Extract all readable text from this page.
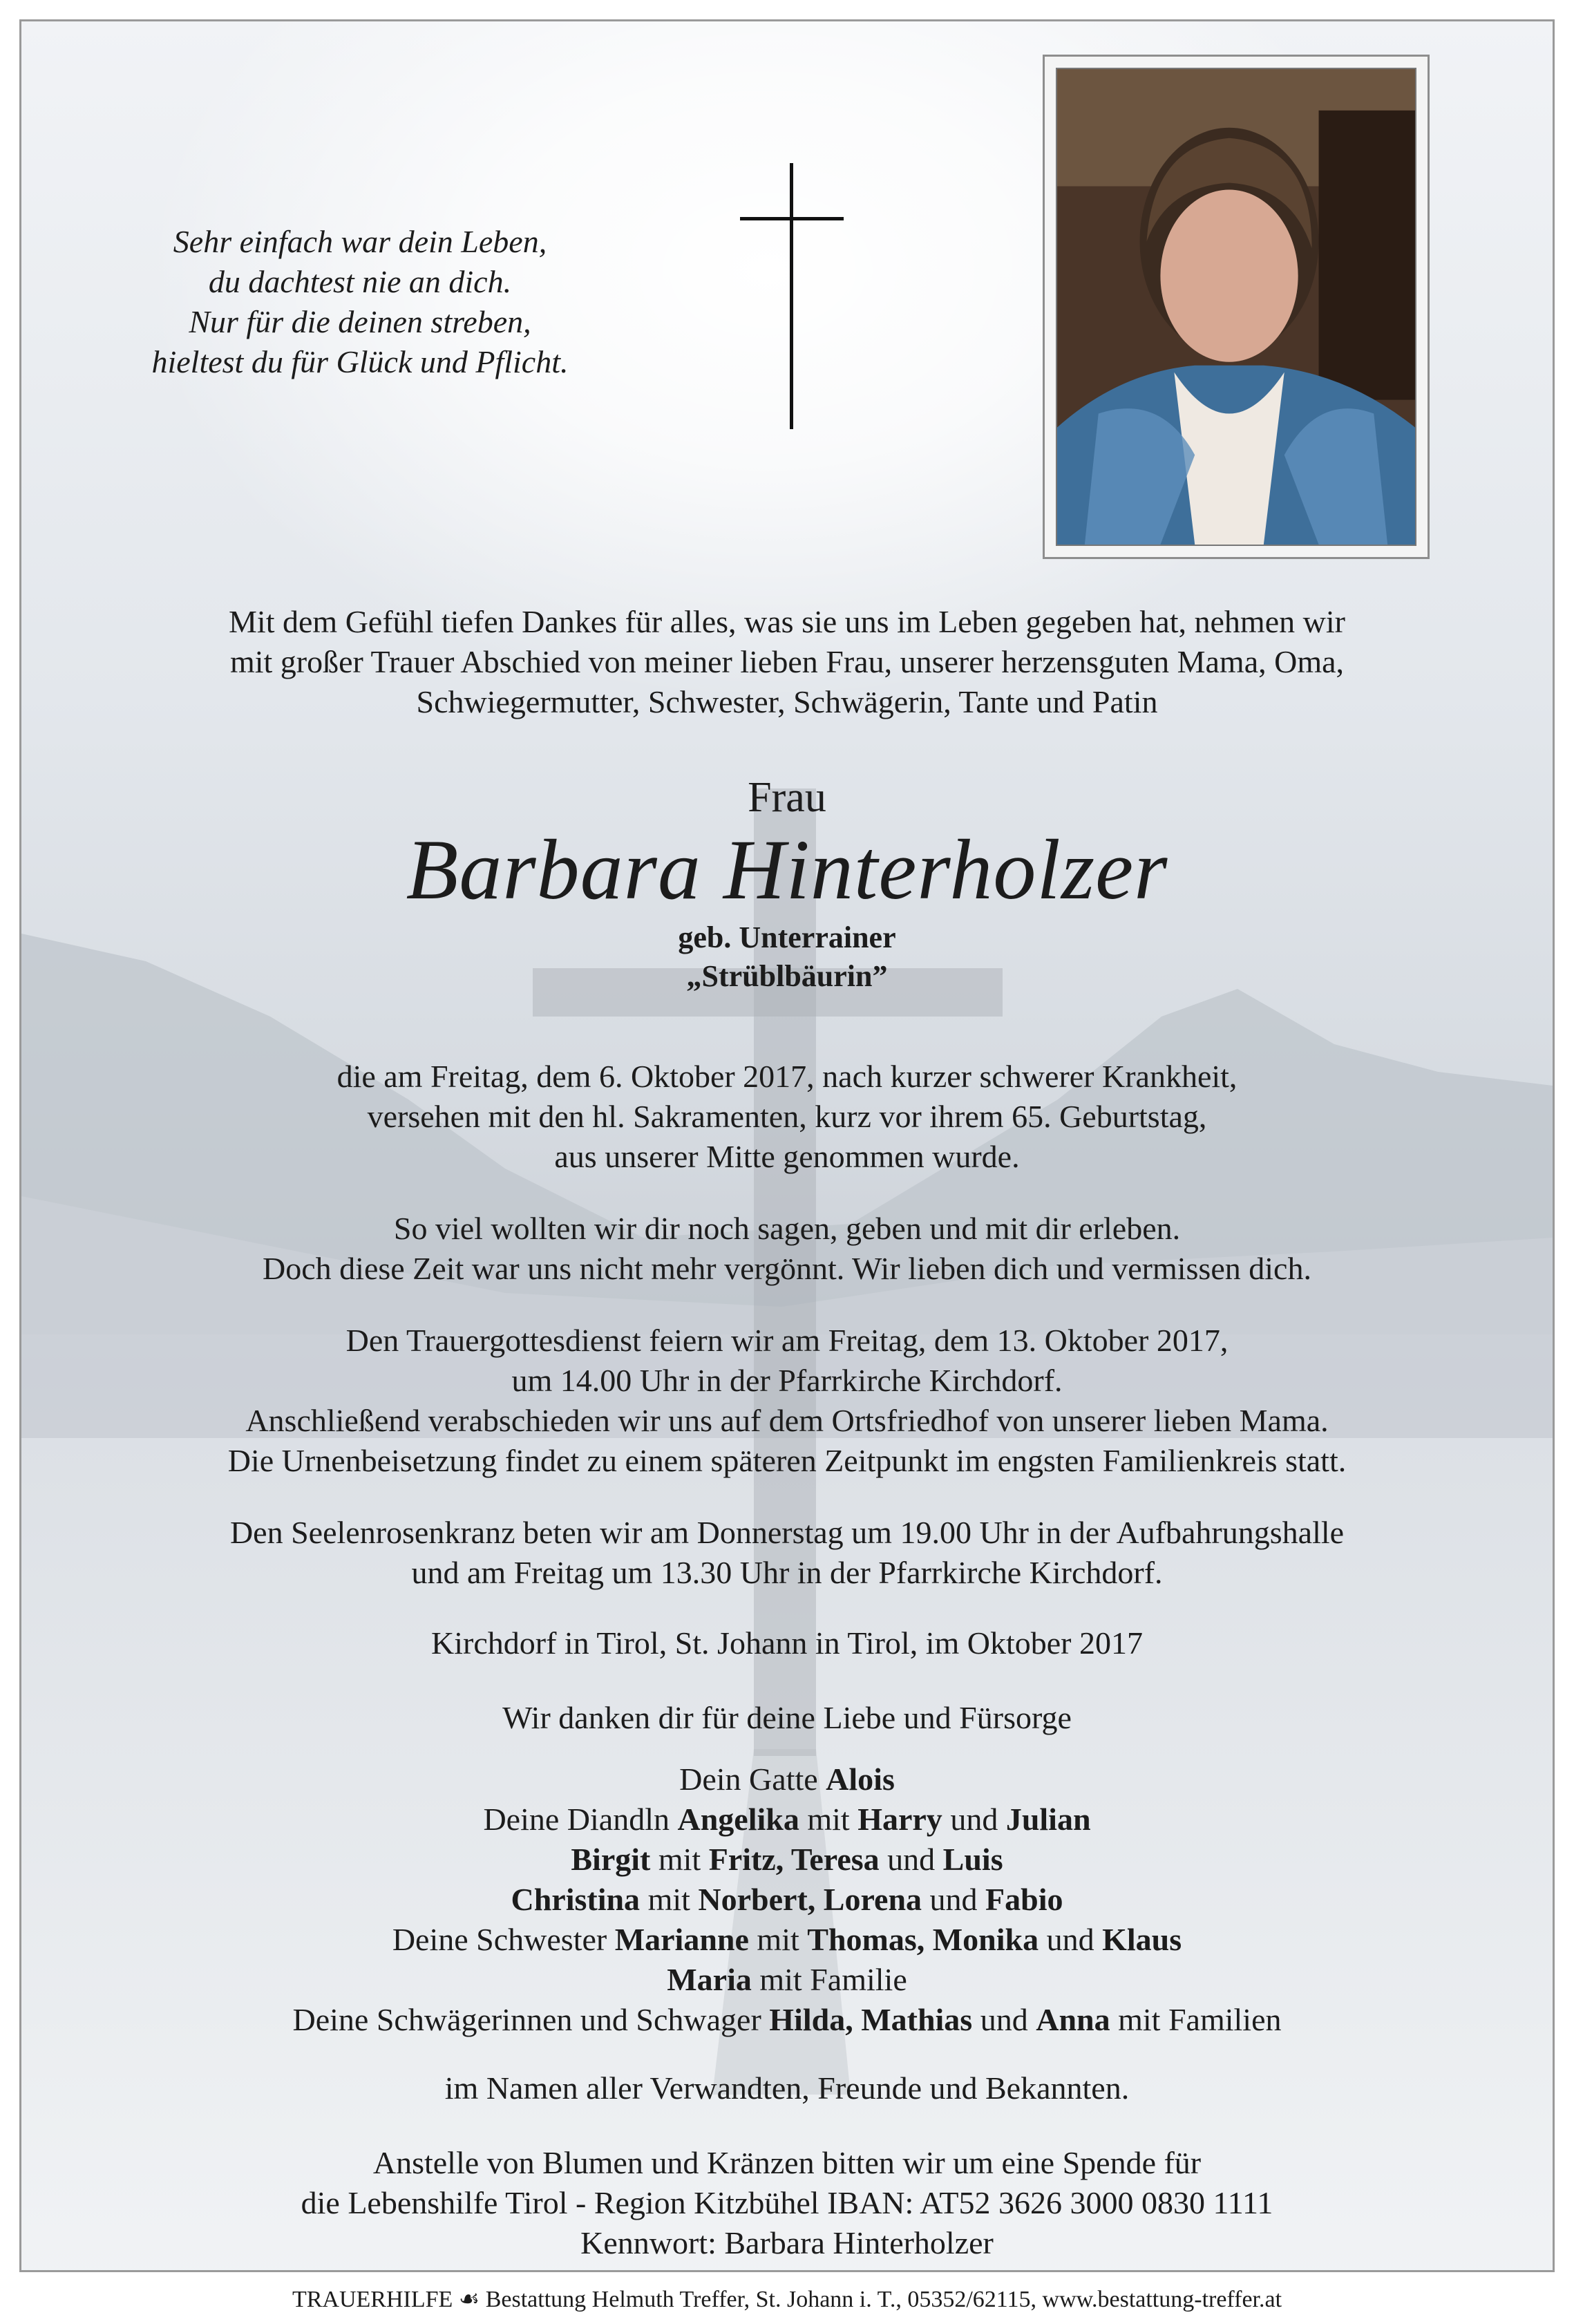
Sehr einfach war dein Leben,
du dachtest nie an dich.
Nur für die deinen streben,
hieltest du für Glück und Pflicht.
Mit dem Gefühl tiefen Dankes für alles, was sie uns im Leben gegeben hat, nehmen wir
mit großer Trauer Abschied von meiner lieben Frau, unserer herzensguten Mama, Oma,
Schwiegermutter, Schwester, Schwägerin, Tante und Patin
Frau
Barbara Hinterholzer
geb. Unterrainer
„Strüblbäurin”
die am Freitag, dem 6. Oktober 2017, nach kurzer schwerer Krankheit,
versehen mit den hl. Sakramenten, kurz vor ihrem 65. Geburtstag,
aus unserer Mitte genommen wurde.
So viel wollten wir dir noch sagen, geben und mit dir erleben.
Doch diese Zeit war uns nicht mehr vergönnt. Wir lieben dich und vermissen dich.
Den Trauergottesdienst feiern wir am Freitag, dem 13. Oktober 2017,
um 14.00 Uhr in der Pfarrkirche Kirchdorf.
Anschließend verabschieden wir uns auf dem Ortsfriedhof von unserer lieben Mama.
Die Urnenbeisetzung findet zu einem späteren Zeitpunkt im engsten Familienkreis statt.
Den Seelenrosenkranz beten wir am Donnerstag um 19.00 Uhr in der Aufbahrungshalle
und am Freitag um 13.30 Uhr in der Pfarrkirche Kirchdorf.
Kirchdorf in Tirol, St. Johann in Tirol, im Oktober 2017
Wir danken dir für deine Liebe und Fürsorge
Dein Gatte Alois
Deine Diandln Angelika mit Harry und Julian
Birgit mit Fritz, Teresa und Luis
Christina mit Norbert, Lorena und Fabio
Deine Schwester Marianne mit Thomas, Monika und Klaus
Maria mit Familie
Deine Schwägerinnen und Schwager Hilda, Mathias und Anna mit Familien
im Namen aller Verwandten, Freunde und Bekannten.
Anstelle von Blumen und Kränzen bitten wir um eine Spende für
die Lebenshilfe Tirol - Region Kitzbühel IBAN: AT52 3626 3000 0830 1111
Kennwort: Barbara Hinterholzer
TRAUERHILFE ☙ Bestattung Helmuth Treffer, St. Johann i. T., 05352/62115, www.bestattung-treffer.at
